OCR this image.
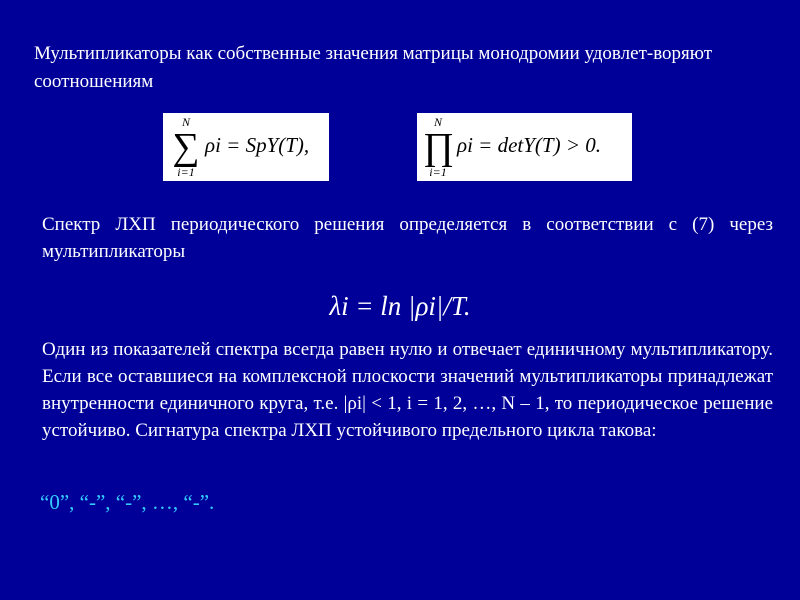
Мультипликаторы как собственные значения матрицы монодромии удовлет-воряют соотношениям
N
∑
i=1
ρi = SpY(T),
N
∏
i=1
ρi = detY(T) > 0.
Спектр ЛХП периодического решения определяется в соответствии с (7) через мультипликаторы
λi = ln |ρi|/T.
Один из показателей спектра всегда равен нулю и отвечает единичному мультипликатору. Если все оставшиеся на комплексной плоскости значений мультипликаторы принадлежат внутренности единичного круга, т.е. |ρi| < 1, i = 1, 2, …, N – 1, то периодическое решение устойчиво. Сигнатура спектра ЛХП устойчивого предельного цикла такова:
“0”, “-”, “-”, …, “-”.
